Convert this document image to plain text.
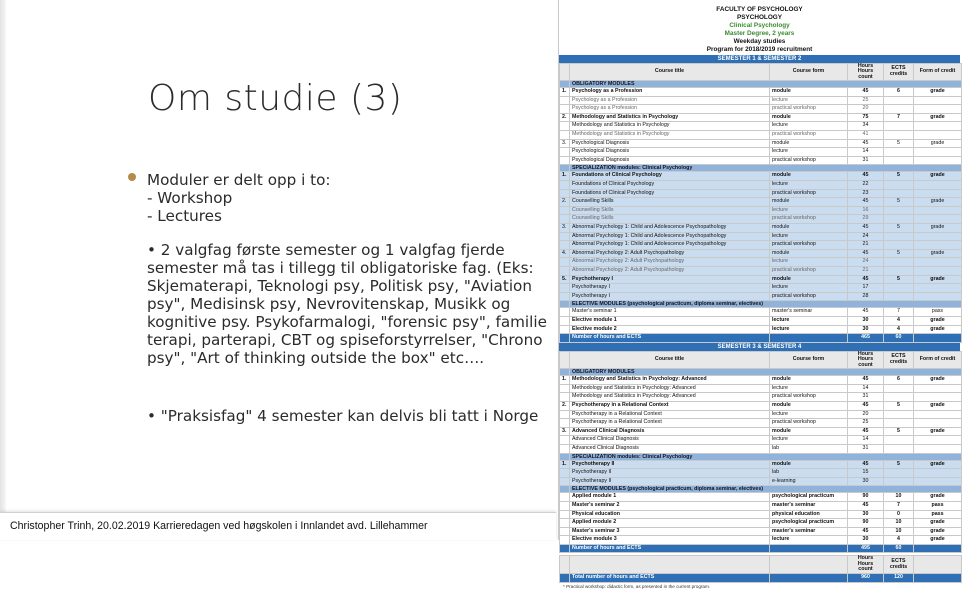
Om studie (3)
Moduler er delt opp i to:
- Workshop
- Lectures
• 2 valgfag første semester og 1 valgfag fjerde semester må tas i tillegg til obligatoriske fag. (Eks: Skjematerapi, Teknologi psy, Politisk psy, "Aviation psy", Medisinsk psy, Nevrovitenskap, Musikk og kognitive psy. Psykofarmalogi, "forensic psy", familie terapi, parterapi, CBT og spiseforstyrrelser, "Chrono psy", "Art of thinking outside the box" etc….
• "Praksisfag" 4 semester kan delvis bli tatt i Norge
Christopher Trinh, 20.02.2019 Karrieredagen ved høgskolen i Innlandet avd. Lillehammer
FACULTY OF PSYCHOLOGY
PSYCHOLOGY
Clinical Psychology
Master Degree, 2 years
Weekday studies
Program for 2018/2019 recruitment
SEMESTER 1 & SEMESTER 2
	Course title	Course form	Hours Hours count	ECTS credits	Form of credit
	OBLIGATORY MODULES				
1.	Psychology as a Profession	module	45	6	grade
	Psychology as a Profession	lecture	25		
	Psychology as a Profession	practical workshop	20		
2.	Methodology and Statistics in Psychology	module	75	7	grade
	Methodology and Statistics in Psychology	lecture	34		
	Methodology and Statistics in Psychology	practical workshop	41		
3.	Psychological Diagnosis	module	45	5	grade
	Psychological Diagnosis	lecture	14		
	Psychological Diagnosis	practical workshop	31		
	SPECIALIZATION modules: Clinical Psychology				
1.	Foundations of Clinical Psychology	module	45	5	grade
	Foundations of Clinical Psychology	lecture	22		
	Foundations of Clinical Psychology	practical workshop	23		
2.	Counselling Skills	module	45	5	grade
	Counselling Skills	lecture	16		
	Counselling Skills	practical workshop	29		
3.	Abnormal Psychology 1: Child and Adolescence Psychopathology	module	45	5	grade
	Abnormal Psychology 1: Child and Adolescence Psychopathology	lecture	24		
	Abnormal Psychology 1: Child and Adolescence Psychopathology	practical workshop	21		
4.	Abnormal Psychology 2: Adult Psychopathology	module	45	5	grade
	Abnormal Psychology 2: Adult Psychopathology	lecture	24		
	Abnormal Psychology 2: Adult Psychopathology	practical workshop	21		
5.	Psychotherapy I	module	45	5	grade
	Psychotherapy I	lecture	17		
	Psychotherapy I	practical workshop	28		
	ELECTIVE MODULES (psychological practicum, diploma seminar, electives)				
	Master's seminar 1	master's seminar	45	7	pass
	Elective module 1	lecture	30	4	grade
	Elective module 2	lecture	30	4	grade
	Number of hours and ECTS		465	60	
SEMESTER 3 & SEMESTER 4
	Course title	Course form	Hours Hours count	ECTS credits	Form of credit
	OBLIGATORY MODULES				
1.	Methodology and Statistics in Psychology: Advanced	module	45	6	grade
	Methodology and Statistics in Psychology: Advanced	lecture	14		
	Methodology and Statistics in Psychology: Advanced	practical workshop	31		
2.	Psychotherapy in a Relational Context	module	45	5	grade
	Psychotherapy in a Relational Context	lecture	20		
	Psychotherapy in a Relational Context	practical workshop	25		
3.	Advanced Clinical Diagnosis	module	45	5	grade
	Advanced Clinical Diagnosis	lecture	14		
	Advanced Clinical Diagnosis	lab	31		
	SPECIALIZATION modules: Clinical Psychology				
1.	Psychotherapy II	module	45	5	grade
	Psychotherapy II	lab	15		
	Psychotherapy II	e-learning	30		
	ELECTIVE MODULES (psychological practicum, diploma seminar, electives)				
	Applied module 1	psychological practicum	90	10	grade
	Master's seminar 2	master's seminar	45	7	pass
	Physical education	physical education	30	0	pass
	Applied module 2	psychological practicum	90	10	grade
	Master's seminar 3	master's seminar	45	10	grade
	Elective module 3	lecture	30	4	grade
	Number of hours and ECTS		495	60	
			Hours Hours count	ECTS credits	
	Total number of hours and ECTS		960	120	
* Practical workshop: didactic form, as presented in the current program.
